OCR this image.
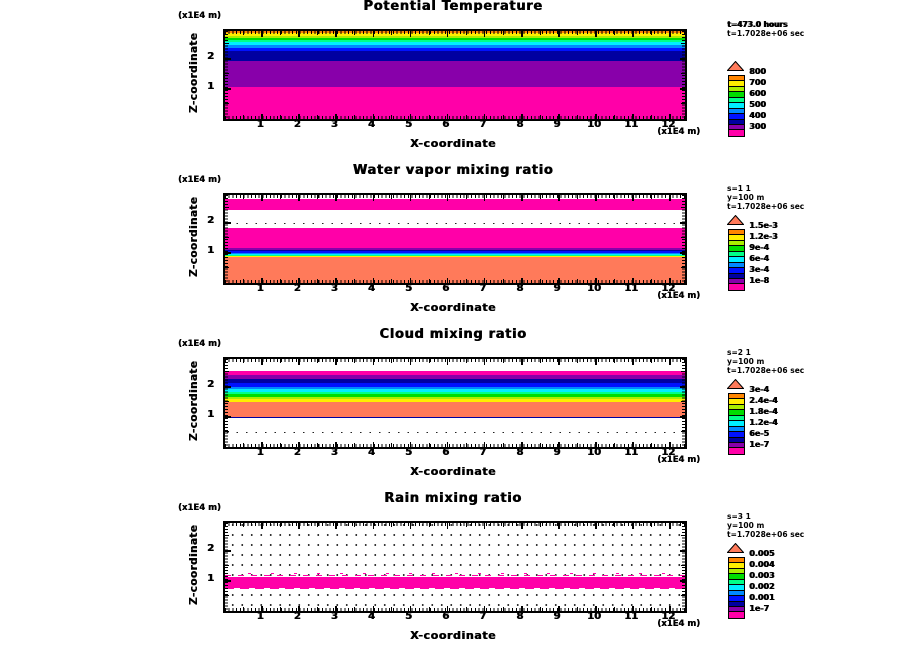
Potential Temperature
(x1E4 m)
Z-coordinate
1	2	3	4	5	6	7	8	9	10	11	12
1
2
(x1E4 m)
X-coordinate
t=473.0 hours
t=1.7028e+06 sec
800
700
600
500
400
300
Water vapor mixing ratio
(x1E4 m)
Z-coordinate
1	2	3	4	5	6	7	8	9	10	11	12
1
2
(x1E4 m)
X-coordinate
s=1 1
y=100 m
t=1.7028e+06 sec
1.5e-3
1.2e-3
9e-4
6e-4
3e-4
1e-8
Cloud mixing ratio
(x1E4 m)
Z-coordinate
1	2	3	4	5	6	7	8	9	10	11	12
1
2
(x1E4 m)
X-coordinate
s=2 1
y=100 m
t=1.7028e+06 sec
3e-4
2.4e-4
1.8e-4
1.2e-4
6e-5
1e-7
Rain mixing ratio
(x1E4 m)
Z-coordinate
1	2	3	4	5	6	7	8	9	10	11	12
1
2
(x1E4 m)
X-coordinate
s=3 1
y=100 m
t=1.7028e+06 sec
0.005
0.004
0.003
0.002
0.001
1e-7
